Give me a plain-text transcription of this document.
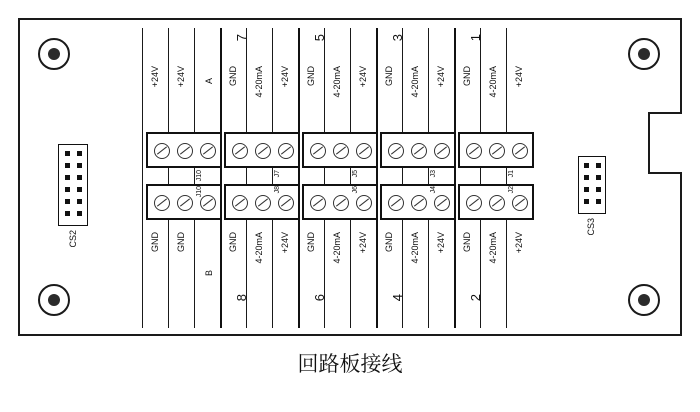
7	5	3	1
+24V +24V A GND 4-20mA +24V GND 4-20mA +24V GND 4-20mA +24V GND 4-20mA +24V
J10	J7	J5	J3	J1
J10	J8	J6	J4	J2
GND GND
B
GND 4-20mA +24V GND 4-20mA +24V GND 4-20mA +24V GND 4-20mA +24V
8	6	4	2
CS2
CS3
回路板接线
